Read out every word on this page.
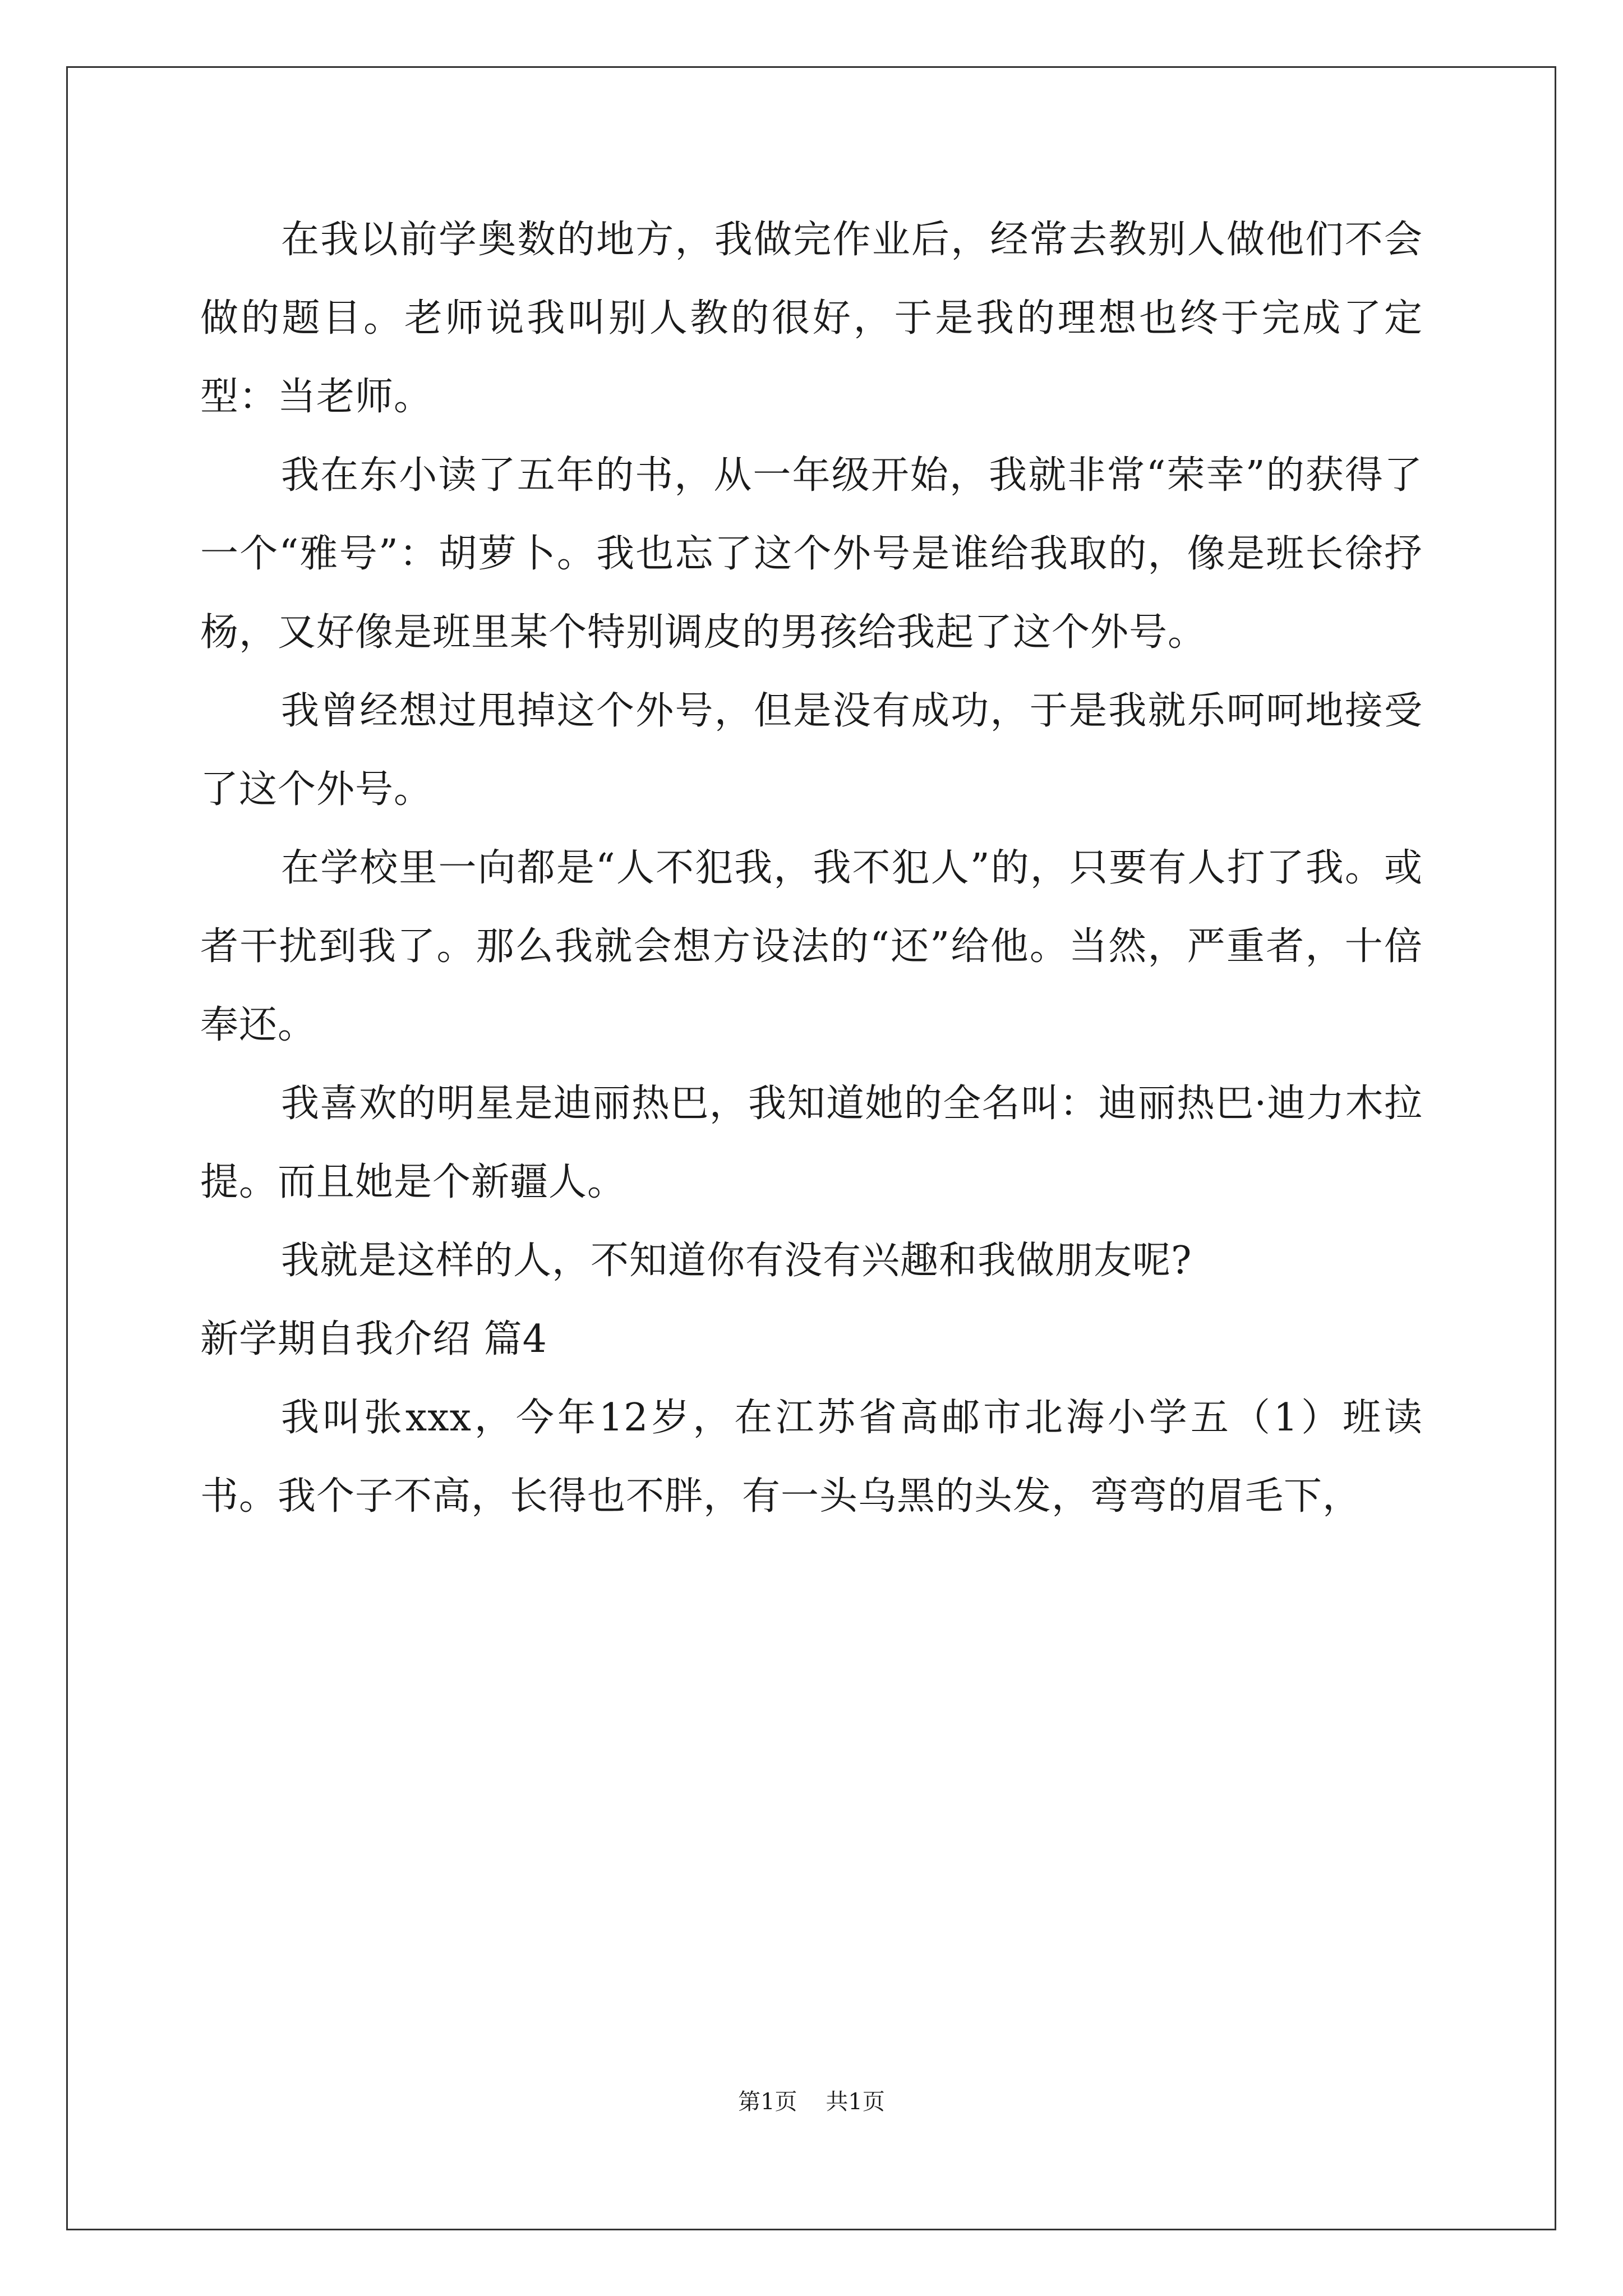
在我以前学奥数的地方，我做完作业后，经常去教别人做他们不会做的题目。老师说我叫别人教的很好，于是我的理想也终于完成了定型：当老师。

我在东小读了五年的书，从一年级开始，我就非常“荣幸”的获得了一个“雅号”：胡萝卜。我也忘了这个外号是谁给我取的，像是班长徐抒杨，又好像是班里某个特别调皮的男孩给我起了这个外号。

我曾经想过甩掉这个外号，但是没有成功，于是我就乐呵呵地接受了这个外号。

在学校里一向都是“人不犯我，我不犯人”的，只要有人打了我。或者干扰到我了。那么我就会想方设法的“还”给他。当然，严重者，十倍奉还。

我喜欢的明星是迪丽热巴，我知道她的全名叫：迪丽热巴·迪力木拉提。而且她是个新疆人。

我就是这样的人，不知道你有没有兴趣和我做朋友呢?

新学期自我介绍 篇4

我叫张xxx，今年12岁，在江苏省高邮市北海小学五（1）班读书。我个子不高，长得也不胖，有一头乌黑的头发，弯弯的眉毛下，

第1页    共1页
